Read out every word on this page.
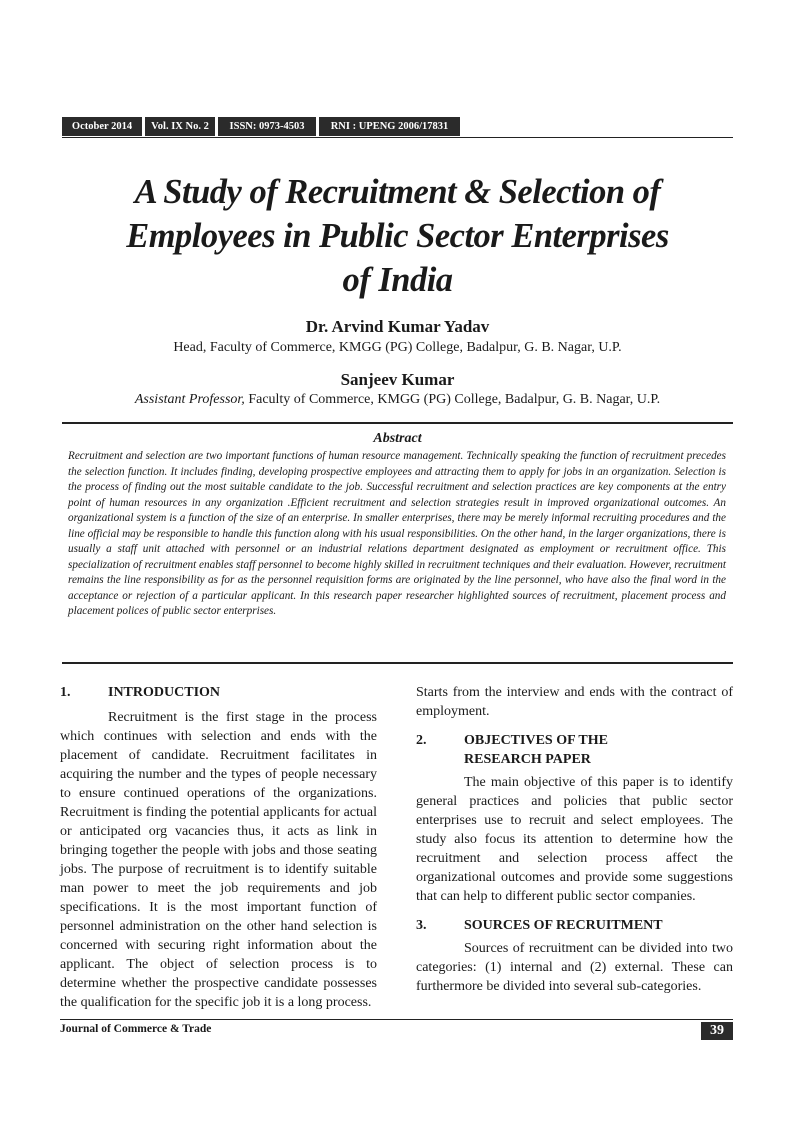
October 2014	Vol. IX No. 2	ISSN: 0973-4503	RNI : UPENG 2006/17831
A Study of Recruitment & Selection of
Employees in Public Sector Enterprises
of India
Dr. Arvind Kumar Yadav
Head, Faculty of Commerce, KMGG (PG) College, Badalpur, G. B. Nagar, U.P.
Sanjeev Kumar
Assistant Professor, Faculty of Commerce, KMGG (PG) College, Badalpur, G. B. Nagar, U.P.
Abstract

Recruitment and selection are two important functions of human resource management. Technically speaking the function of recruitment precedes the selection function. It includes finding, developing prospective employees and attracting them to apply for jobs in an organization. Selection is the process of finding out the most suitable candidate to the job. Successful recruitment and selection practices are key components at the entry point of human resources in any organization .Efficient recruitment and selection strategies result in improved organizational outcomes. An organizational system is a function of the size of an enterprise. In smaller enterprises, there may be merely informal recruiting procedures and the line official may be responsible to handle this function along with his usual responsibilities. On the other hand, in the larger organizations, there is usually a staff unit attached with personnel or an industrial relations department designated as employment or recruitment office. This specialization of recruitment enables staff personnel to become highly skilled in recruitment techniques and their evaluation. However, recruitment remains the line responsibility as for as the personnel requisition forms are originated by the line personnel, who have also the final word in the acceptance or rejection of a particular applicant. In this research paper researcher highlighted sources of recruitment, placement process and placement polices of public sector enterprises.

1.	INTRODUCTION

Recruitment is the first stage in the process which continues with selection and ends with the placement of candidate. Recruitment facilitates in acquiring the number and the types of people necessary to ensure continued operations of the organizations. Recruitment is finding the potential applicants for actual or anticipated org vacancies thus, it acts as link in bringing together the people with jobs and those seating jobs. The purpose of recruitment is to identify suitable man power to meet the job requirements and job specifications. It is the most important function of personnel administration on the other hand selection is concerned with securing right information about the applicant. The object of selection process is to determine whether the prospective candidate possesses the qualification for the specific job it is a long process.

Starts from the interview and ends with the contract of employment.

2.	OBJECTIVES OF THE
RESEARCH PAPER

The main objective of this paper is to identify general practices and policies that public sector enterprises use to recruit and select employees. The study also focus its attention to determine how the recruitment and selection process affect the organizational outcomes and provide some suggestions that can help to different public sector companies.

3.	SOURCES OF RECRUITMENT

Sources of recruitment can be divided into two categories: (1) internal and (2) external. These can furthermore be divided into several sub-categories.

Journal of Commerce & Trade	39
